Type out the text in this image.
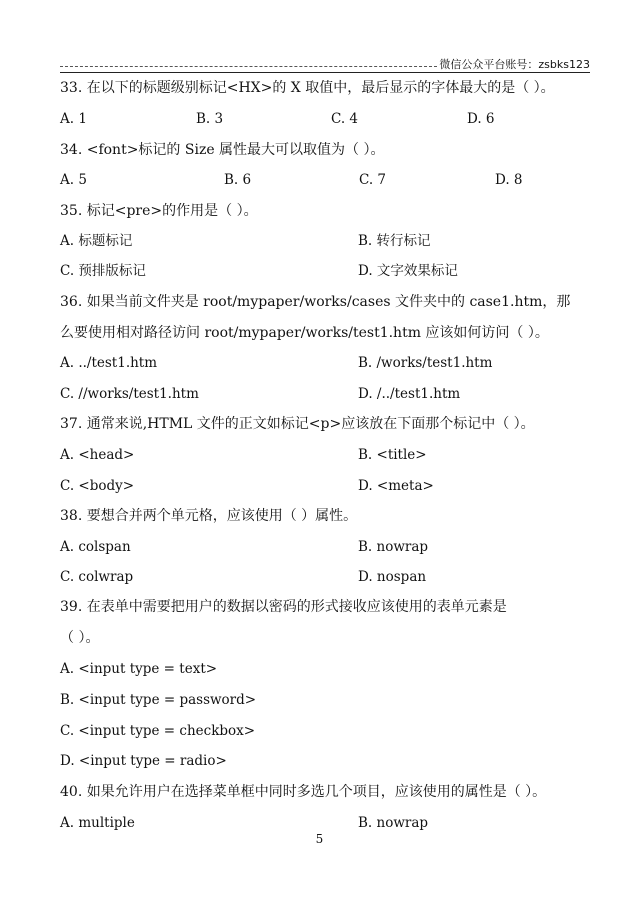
微信公众平台账号：zsbks123
33. 在以下的标题级别标记<HX>的 X 取值中，最后显示的字体最大的是（ ）。
A. 1	B. 3	C. 4	D. 6
34. <font>标记的 Size 属性最大可以取值为（ ）。
A. 5	B. 6	C. 7	D. 8
35. 标记<pre>的作用是（ ）。
A. 标题标记	B. 转行标记
C. 预排版标记	D. 文字效果标记
36. 如果当前文件夹是 root/mypaper/works/cases 文件夹中的 case1.htm，那
么要使用相对路径访问 root/mypaper/works/test1.htm 应该如何访问（ ）。
A. ../test1.htm	B. /works/test1.htm
C. //works/test1.htm	D. /../test1.htm
37. 通常来说,HTML 文件的正文如标记<p>应该放在下面那个标记中（ ）。
A. <head>	B. <title>
C. <body>	D. <meta>
38. 要想合并两个单元格，应该使用（ ）属性。
A. colspan	B. nowrap
C. colwrap	D. nospan
39. 在表单中需要把用户的数据以密码的形式接收应该使用的表单元素是
（ ）。
A. <input type = text>
B. <input type = password>
C. <input type = checkbox>
D. <input type = radio>
40. 如果允许用户在选择菜单框中同时多选几个项目，应该使用的属性是（ ）。
A. multiple	B. nowrap
5
